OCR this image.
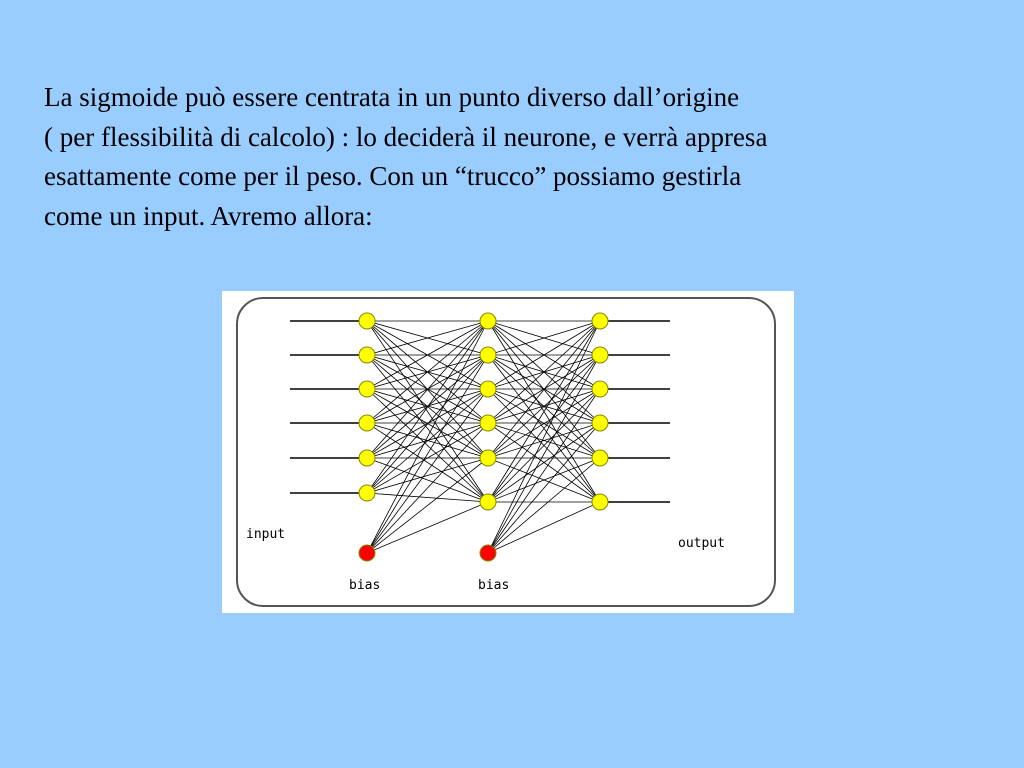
La sigmoide può essere centrata in un punto diverso dall’origine
( per flessibilità di calcolo) : lo deciderà il neurone, e verrà appresa
esattamente come per il peso. Con un “trucco” possiamo gestirla
come un input. Avremo allora:
input
bias	bias
output
